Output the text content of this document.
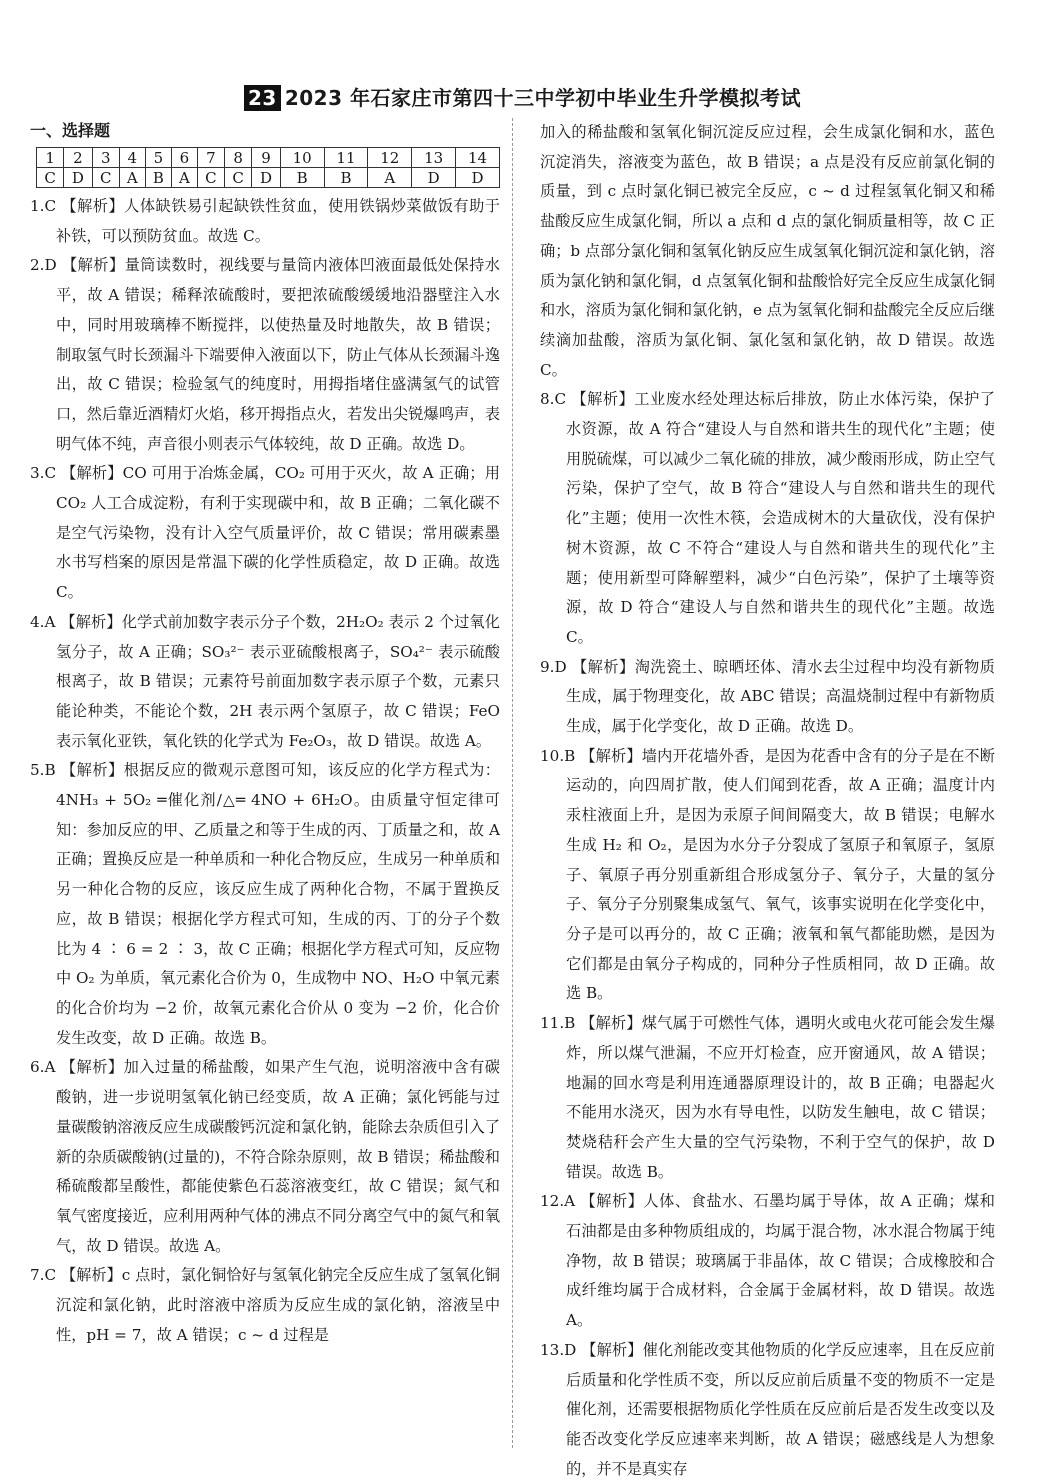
23 2023 年石家庄市第四十三中学初中毕业生升学模拟考试
一、选择题
1	2	3	4	5	6	7	8	9	10	11	12	13	14
C	D	C	A	B	A	C	C	D	B	B	A	D	D

1.C 【解析】人体缺铁易引起缺铁性贫血，使用铁锅炒菜做饭有助于补铁，可以预防贫血。故选 C。

2.D 【解析】量筒读数时，视线要与量筒内液体凹液面最低处保持水平，故 A 错误；稀释浓硫酸时，要把浓硫酸缓缓地沿器壁注入水中，同时用玻璃棒不断搅拌，以使热量及时地散失，故 B 错误；制取氢气时长颈漏斗下端要伸入液面以下，防止气体从长颈漏斗逸出，故 C 错误；检验氢气的纯度时，用拇指堵住盛满氢气的试管口，然后靠近酒精灯火焰，移开拇指点火，若发出尖锐爆鸣声，表明气体不纯，声音很小则表示气体较纯，故 D 正确。故选 D。

3.C 【解析】CO 可用于冶炼金属，CO₂ 可用于灭火，故 A 正确；用 CO₂ 人工合成淀粉，有利于实现碳中和，故 B 正确；二氧化碳不是空气污染物，没有计入空气质量评价，故 C 错误；常用碳素墨水书写档案的原因是常温下碳的化学性质稳定，故 D 正确。故选 C。

4.A 【解析】化学式前加数字表示分子个数，2H₂O₂ 表示 2 个过氧化氢分子，故 A 正确；SO₃²⁻ 表示亚硫酸根离子，SO₄²⁻ 表示硫酸根离子，故 B 错误；元素符号前面加数字表示原子个数，元素只能论种类，不能论个数，2H 表示两个氢原子，故 C 错误；FeO 表示氧化亚铁，氧化铁的化学式为 Fe₂O₃，故 D 错误。故选 A。

5.B 【解析】根据反应的微观示意图可知，该反应的化学方程式为：4NH₃ + 5O₂ ═催化剂/△═ 4NO + 6H₂O。由质量守恒定律可知：参加反应的甲、乙质量之和等于生成的丙、丁质量之和，故 A 正确；置换反应是一种单质和一种化合物反应，生成另一种单质和另一种化合物的反应，该反应生成了两种化合物，不属于置换反应，故 B 错误；根据化学方程式可知，生成的丙、丁的分子个数比为 4 ∶ 6 = 2 ∶ 3，故 C 正确；根据化学方程式可知，反应物中 O₂ 为单质，氧元素化合价为 0，生成物中 NO、H₂O 中氧元素的化合价均为 −2 价，故氧元素化合价从 0 变为 −2 价，化合价发生改变，故 D 正确。故选 B。

6.A 【解析】加入过量的稀盐酸，如果产生气泡，说明溶液中含有碳酸钠，进一步说明氢氧化钠已经变质，故 A 正确；氯化钙能与过量碳酸钠溶液反应生成碳酸钙沉淀和氯化钠，能除去杂质但引入了新的杂质碳酸钠(过量的)，不符合除杂原则，故 B 错误；稀盐酸和稀硫酸都呈酸性，都能使紫色石蕊溶液变红，故 C 错误；氮气和氧气密度接近，应利用两种气体的沸点不同分离空气中的氮气和氧气，故 D 错误。故选 A。

7.C 【解析】c 点时，氯化铜恰好与氢氧化钠完全反应生成了氢氧化铜沉淀和氯化钠，此时溶液中溶质为反应生成的氯化钠，溶液呈中性，pH = 7，故 A 错误；c ~ d 过程是

加入的稀盐酸和氢氧化铜沉淀反应过程，会生成氯化铜和水，蓝色沉淀消失，溶液变为蓝色，故 B 错误；a 点是没有反应前氯化铜的质量，到 c 点时氯化铜已被完全反应，c ~ d 过程氢氧化铜又和稀盐酸反应生成氯化铜，所以 a 点和 d 点的氯化铜质量相等，故 C 正确；b 点部分氯化铜和氢氧化钠反应生成氢氧化铜沉淀和氯化钠，溶质为氯化钠和氯化铜，d 点氢氧化铜和盐酸恰好完全反应生成氯化铜和水，溶质为氯化铜和氯化钠，e 点为氢氧化铜和盐酸完全反应后继续滴加盐酸，溶质为氯化铜、氯化氢和氯化钠，故 D 错误。故选 C。

8.C 【解析】工业废水经处理达标后排放，防止水体污染，保护了水资源，故 A 符合“建设人与自然和谐共生的现代化”主题；使用脱硫煤，可以减少二氧化硫的排放，减少酸雨形成，防止空气污染，保护了空气，故 B 符合“建设人与自然和谐共生的现代化”主题；使用一次性木筷，会造成树木的大量砍伐，没有保护树木资源，故 C 不符合“建设人与自然和谐共生的现代化”主题；使用新型可降解塑料，减少“白色污染”，保护了土壤等资源，故 D 符合“建设人与自然和谐共生的现代化”主题。故选 C。

9.D 【解析】淘洗瓷土、晾晒坯体、清水去尘过程中均没有新物质生成，属于物理变化，故 ABC 错误；高温烧制过程中有新物质生成，属于化学变化，故 D 正确。故选 D。

10.B 【解析】墙内开花墙外香，是因为花香中含有的分子是在不断运动的，向四周扩散，使人们闻到花香，故 A 正确；温度计内汞柱液面上升，是因为汞原子间间隔变大，故 B 错误；电解水生成 H₂ 和 O₂，是因为水分子分裂成了氢原子和氧原子，氢原子、氧原子再分别重新组合形成氢分子、氧分子，大量的氢分子、氧分子分别聚集成氢气、氧气，该事实说明在化学变化中，分子是可以再分的，故 C 正确；液氧和氧气都能助燃，是因为它们都是由氧分子构成的，同种分子性质相同，故 D 正确。故选 B。

11.B 【解析】煤气属于可燃性气体，遇明火或电火花可能会发生爆炸，所以煤气泄漏，不应开灯检查，应开窗通风，故 A 错误；地漏的回水弯是利用连通器原理设计的，故 B 正确；电器起火不能用水浇灭，因为水有导电性，以防发生触电，故 C 错误；焚烧秸秆会产生大量的空气污染物，不利于空气的保护，故 D 错误。故选 B。

12.A 【解析】人体、食盐水、石墨均属于导体，故 A 正确；煤和石油都是由多种物质组成的，均属于混合物，冰水混合物属于纯净物，故 B 错误；玻璃属于非晶体，故 C 错误；合成橡胶和合成纤维均属于合成材料，合金属于金属材料，故 D 错误。故选 A。

13.D 【解析】催化剂能改变其他物质的化学反应速率，且在反应前后质量和化学性质不变，所以反应前后质量不变的物质不一定是催化剂，还需要根据物质化学性质在反应前后是否发生改变以及能否改变化学反应速率来判断，故 A 错误；磁感线是人为想象的，并不是真实存
